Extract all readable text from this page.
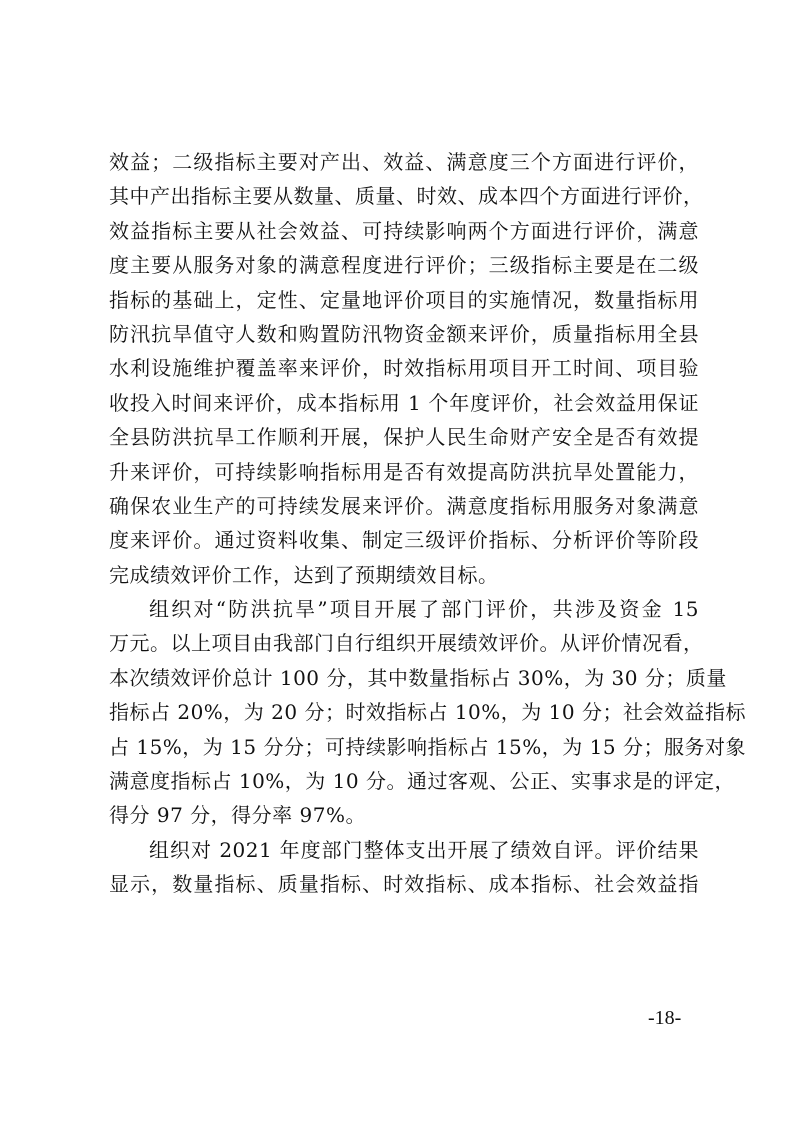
效益；二级指标主要对产出、效益、满意度三个方面进行评价，
其中产出指标主要从数量、质量、时效、成本四个方面进行评价，
效益指标主要从社会效益、可持续影响两个方面进行评价，满意
度主要从服务对象的满意程度进行评价；三级指标主要是在二级
指标的基础上，定性、定量地评价项目的实施情况，数量指标用
防汛抗旱值守人数和购置防汛物资金额来评价，质量指标用全县
水利设施维护覆盖率来评价，时效指标用项目开工时间、项目验
收投入时间来评价，成本指标用 1 个年度评价，社会效益用保证
全县防洪抗旱工作顺利开展，保护人民生命财产安全是否有效提
升来评价，可持续影响指标用是否有效提高防洪抗旱处置能力，
确保农业生产的可持续发展来评价。满意度指标用服务对象满意
度来评价。通过资料收集、制定三级评价指标、分析评价等阶段
完成绩效评价工作，达到了预期绩效目标。
组织对“防洪抗旱”项目开展了部门评价，共涉及资金 15
万元。以上项目由我部门自行组织开展绩效评价。从评价情况看，
本次绩效评价总计 100 分，其中数量指标占 30%，为 30 分；质量
指标占 20%，为 20 分；时效指标占 10%，为 10 分；社会效益指标
占 15%，为 15 分分；可持续影响指标占 15%，为 15 分；服务对象
满意度指标占 10%，为 10 分。通过客观、公正、实事求是的评定，
得分 97 分，得分率 97%。
组织对 2021 年度部门整体支出开展了绩效自评。评价结果
显示，数量指标、质量指标、时效指标、成本指标、社会效益指
-18-
